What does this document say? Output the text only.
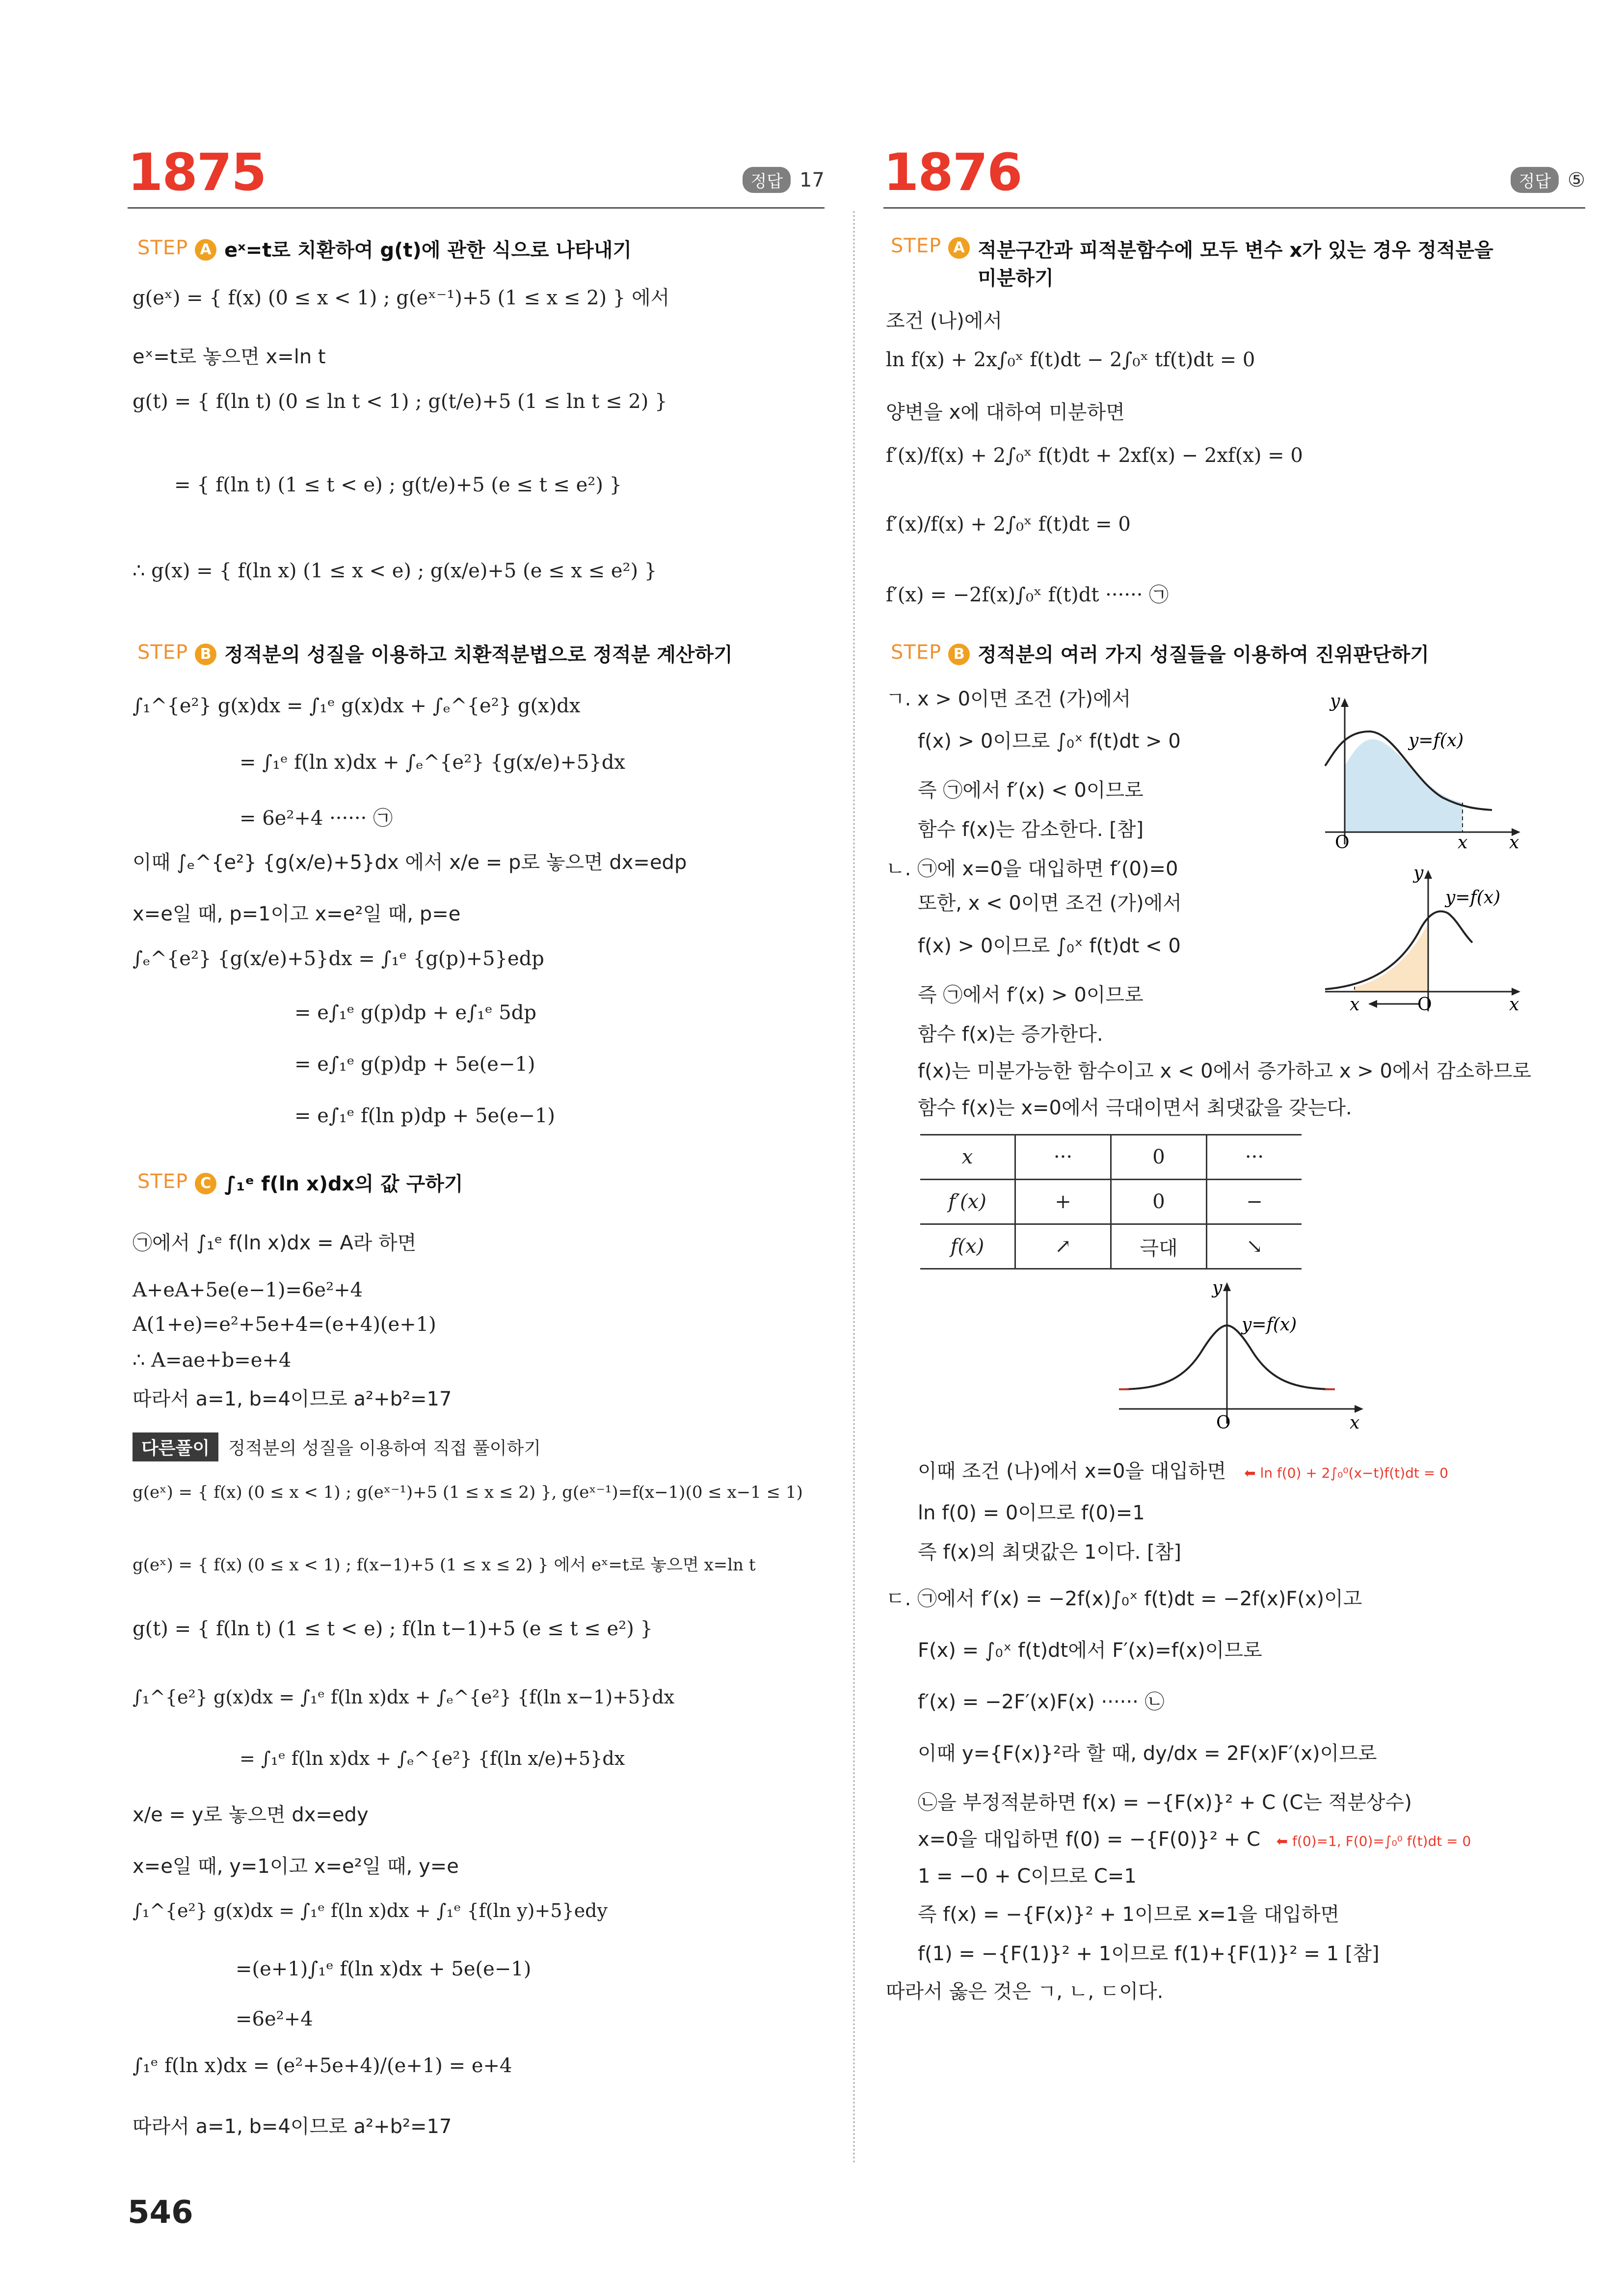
1875	정답 17
STEP A eˣ=t로 치환하여 g(t)에 관한 식으로 나타내기
g(eˣ) = { f(x) (0 ≤ x < 1) ; g(eˣ⁻¹)+5 (1 ≤ x ≤ 2) } 에서
eˣ=t로 놓으면 x=ln t
g(t) = { f(ln t) (0 ≤ ln t < 1) ; g(t/e)+5 (1 ≤ ln t ≤ 2) }
= { f(ln t) (1 ≤ t < e) ; g(t/e)+5 (e ≤ t ≤ e²) }
∴ g(x) = { f(ln x) (1 ≤ x < e) ; g(x/e)+5 (e ≤ x ≤ e²) }
STEP B 정적분의 성질을 이용하고 치환적분법으로 정적분 계산하기
∫₁^{e²} g(x)dx = ∫₁ᵉ g(x)dx + ∫ₑ^{e²} g(x)dx
= ∫₁ᵉ f(ln x)dx + ∫ₑ^{e²} {g(x/e)+5}dx
= 6e²+4 ······ ㉠
이때 ∫ₑ^{e²} {g(x/e)+5}dx 에서 x/e = p로 놓으면 dx=edp
x=e일 때, p=1이고 x=e²일 때, p=e
∫ₑ^{e²} {g(x/e)+5}dx = ∫₁ᵉ {g(p)+5}edp
= e∫₁ᵉ g(p)dp + e∫₁ᵉ 5dp
= e∫₁ᵉ g(p)dp + 5e(e−1)
= e∫₁ᵉ f(ln p)dp + 5e(e−1)
STEP C ∫₁ᵉ f(ln x)dx의 값 구하기
㉠에서 ∫₁ᵉ f(ln x)dx = A라 하면
A+eA+5e(e−1)=6e²+4
A(1+e)=e²+5e+4=(e+4)(e+1)
∴ A=ae+b=e+4
따라서 a=1, b=4이므로 a²+b²=17
다른풀이	정적분의 성질을 이용하여 직접 풀이하기
g(eˣ) = { f(x) (0 ≤ x < 1) ; g(eˣ⁻¹)+5 (1 ≤ x ≤ 2) }, g(eˣ⁻¹)=f(x−1)(0 ≤ x−1 ≤ 1)
g(eˣ) = { f(x) (0 ≤ x < 1) ; f(x−1)+5 (1 ≤ x ≤ 2) } 에서 eˣ=t로 놓으면 x=ln t
g(t) = { f(ln t) (1 ≤ t < e) ; f(ln t−1)+5 (e ≤ t ≤ e²) }
∫₁^{e²} g(x)dx = ∫₁ᵉ f(ln x)dx + ∫ₑ^{e²} {f(ln x−1)+5}dx
= ∫₁ᵉ f(ln x)dx + ∫ₑ^{e²} {f(ln x/e)+5}dx
x/e = y로 놓으면 dx=edy
x=e일 때, y=1이고 x=e²일 때, y=e
∫₁^{e²} g(x)dx = ∫₁ᵉ f(ln x)dx + ∫₁ᵉ {f(ln y)+5}edy
=(e+1)∫₁ᵉ f(ln x)dx + 5e(e−1)
=6e²+4
∫₁ᵉ f(ln x)dx = (e²+5e+4)/(e+1) = e+4
따라서 a=1, b=4이므로 a²+b²=17
1876	정답 ⑤
STEP A 적분구간과 피적분함수에 모두 변수 x가 있는 경우 정적분을
미분하기
조건 (나)에서
ln f(x) + 2x∫₀ˣ f(t)dt − 2∫₀ˣ tf(t)dt = 0
양변을 x에 대하여 미분하면
f′(x)/f(x) + 2∫₀ˣ f(t)dt + 2xf(x) − 2xf(x) = 0
f′(x)/f(x) + 2∫₀ˣ f(t)dt = 0
f′(x) = −2f(x)∫₀ˣ f(t)dt ······ ㉠
STEP B 정적분의 여러 가지 성질들을 이용하여 진위판단하기
ㄱ. x > 0이면 조건 (가)에서
f(x) > 0이므로 ∫₀ˣ f(t)dt > 0
즉 ㉠에서 f′(x) < 0이므로
함수 f(x)는 감소한다. [참]
ㄴ. ㉠에 x=0을 대입하면 f′(0)=0
또한, x < 0이면 조건 (가)에서
f(x) > 0이므로 ∫₀ˣ f(t)dt < 0
즉 ㉠에서 f′(x) > 0이므로
함수 f(x)는 증가한다.
f(x)는 미분가능한 함수이고 x < 0에서 증가하고 x > 0에서 감소하므로
함수 f(x)는 x=0에서 극대이면서 최댓값을 갖는다.
y
y=f(x)
O	x x
y
y=f(x)
O
x	x
x	···	0	···
f′(x)	+	0	−
f(x)	↗	극대	↘
y
y=f(x)
O	x
이때 조건 (나)에서 x=0을 대입하면 ⬅ ln f(0) + 2∫₀⁰(x−t)f(t)dt = 0
ln f(0) = 0이므로 f(0)=1
즉 f(x)의 최댓값은 1이다. [참]
ㄷ. ㉠에서 f′(x) = −2f(x)∫₀ˣ f(t)dt = −2f(x)F(x)이고
F(x) = ∫₀ˣ f(t)dt에서 F′(x)=f(x)이므로
f′(x) = −2F′(x)F(x) ······ ㉡
이때 y={F(x)}²라 할 때, dy/dx = 2F(x)F′(x)이므로
㉡을 부정적분하면 f(x) = −{F(x)}² + C (C는 적분상수)
x=0을 대입하면 f(0) = −{F(0)}² + C ⬅ f(0)=1, F(0)=∫₀⁰ f(t)dt = 0
1 = −0 + C이므로 C=1
즉 f(x) = −{F(x)}² + 1이므로 x=1을 대입하면
f(1) = −{F(1)}² + 1이므로 f(1)+{F(1)}² = 1 [참]
따라서 옳은 것은 ㄱ, ㄴ, ㄷ이다.
546
